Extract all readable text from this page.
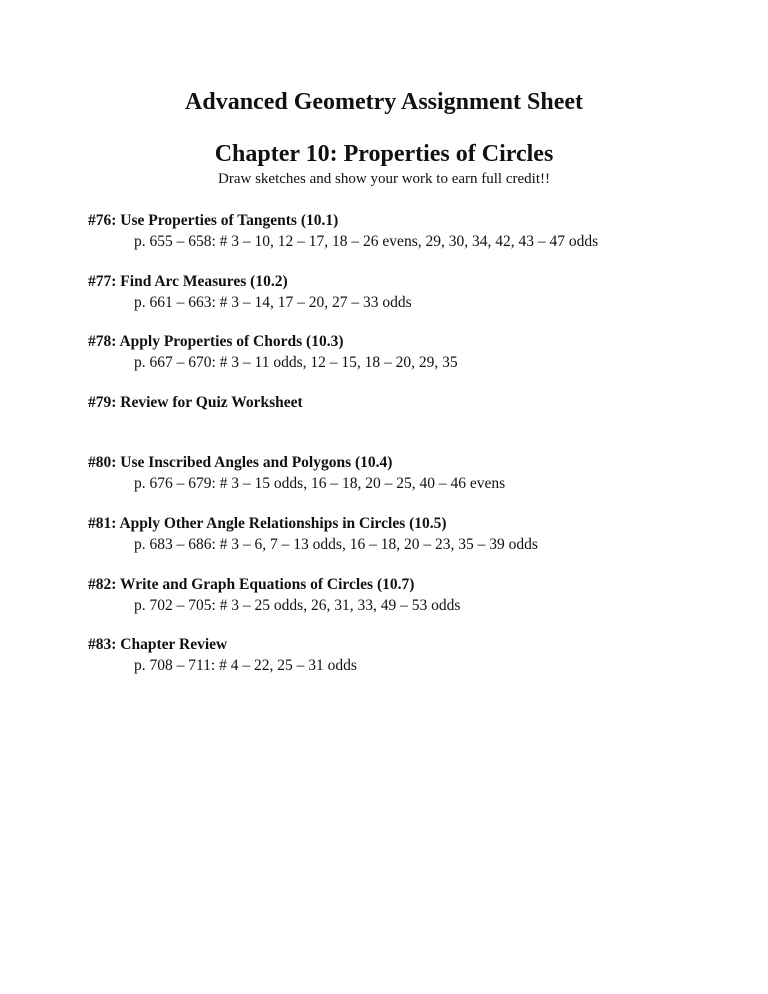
Advanced Geometry Assignment Sheet
Chapter 10: Properties of Circles
Draw sketches and show your work to earn full credit!!
#76: Use Properties of Tangents (10.1)
p. 655 – 658: # 3 – 10, 12 – 17, 18 – 26 evens, 29, 30, 34, 42, 43 – 47 odds
#77: Find Arc Measures (10.2)
p. 661 – 663: # 3 – 14, 17 – 20, 27 – 33 odds
#78: Apply Properties of Chords (10.3)
p. 667 – 670: # 3 – 11 odds, 12 – 15, 18 – 20, 29, 35
#79: Review for Quiz Worksheet
#80: Use Inscribed Angles and Polygons (10.4)
p. 676 – 679: # 3 – 15 odds, 16 – 18, 20 – 25, 40 – 46 evens
#81: Apply Other Angle Relationships in Circles (10.5)
p. 683 – 686: # 3 – 6, 7 – 13 odds, 16 – 18, 20 – 23, 35 – 39 odds
#82: Write and Graph Equations of Circles (10.7)
p. 702 – 705: # 3 – 25 odds, 26, 31, 33, 49 – 53 odds
#83: Chapter Review
p. 708 – 711: # 4 – 22, 25 – 31 odds
